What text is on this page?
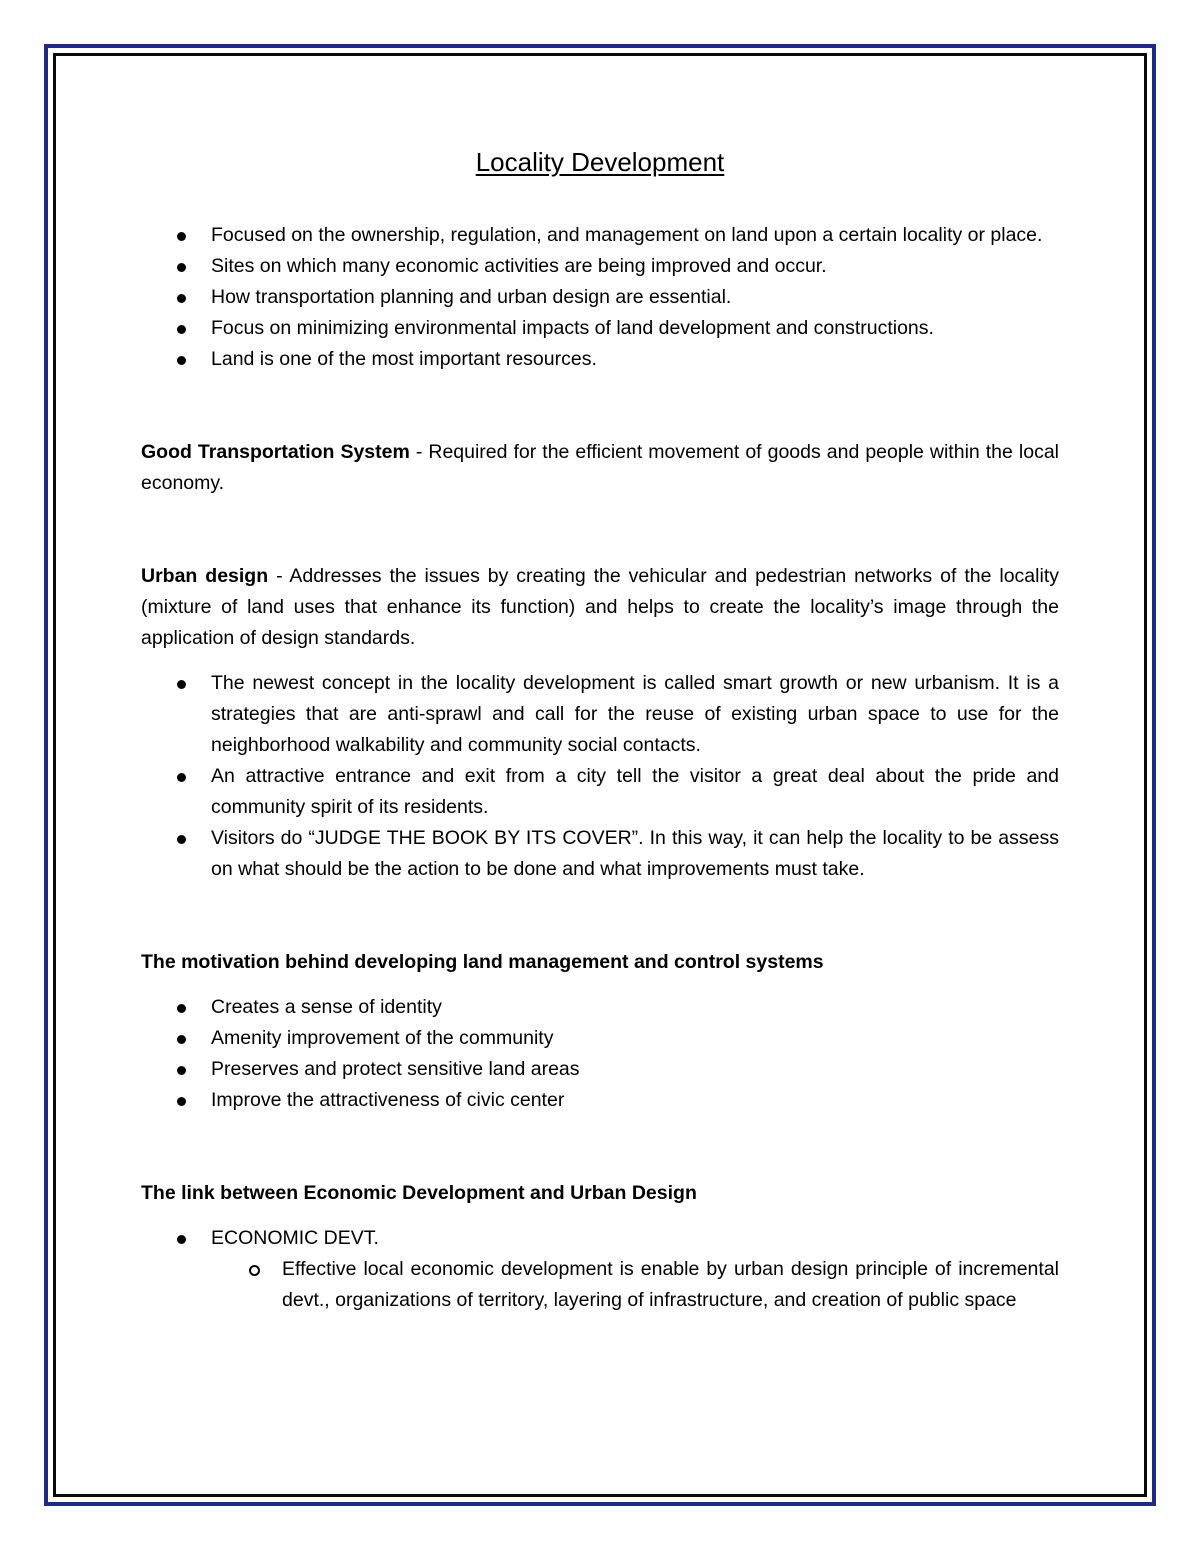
Locality Development
Focused on the ownership, regulation, and management on land upon a certain locality or place.
Sites on which many economic activities are being improved and occur.
How transportation planning and urban design are essential.
Focus on minimizing environmental impacts of land development and constructions.
Land is one of the most important resources.

Good Transportation System - Required for the efficient movement of goods and people within the local economy.

Urban design - Addresses the issues by creating the vehicular and pedestrian networks of the locality (mixture of land uses that enhance its function) and helps to create the locality’s image through the application of design standards.

The newest concept in the locality development is called smart growth or new urbanism. It is a strategies that are anti-sprawl and call for the reuse of existing urban space to use for the neighborhood walkability and community social contacts.
An attractive entrance and exit from a city tell the visitor a great deal about the pride and community spirit of its residents.
Visitors do “JUDGE THE BOOK BY ITS COVER”. In this way, it can help the locality to be assess on what should be the action to be done and what improvements must take.

The motivation behind developing land management and control systems

Creates a sense of identity
Amenity improvement of the community
Preserves and protect sensitive land areas
Improve the attractiveness of civic center

The link between Economic Development and Urban Design

ECONOMIC DEVT.
Effective local economic development is enable by urban design principle of incremental devt., organizations of territory, layering of infrastructure, and creation of public space
